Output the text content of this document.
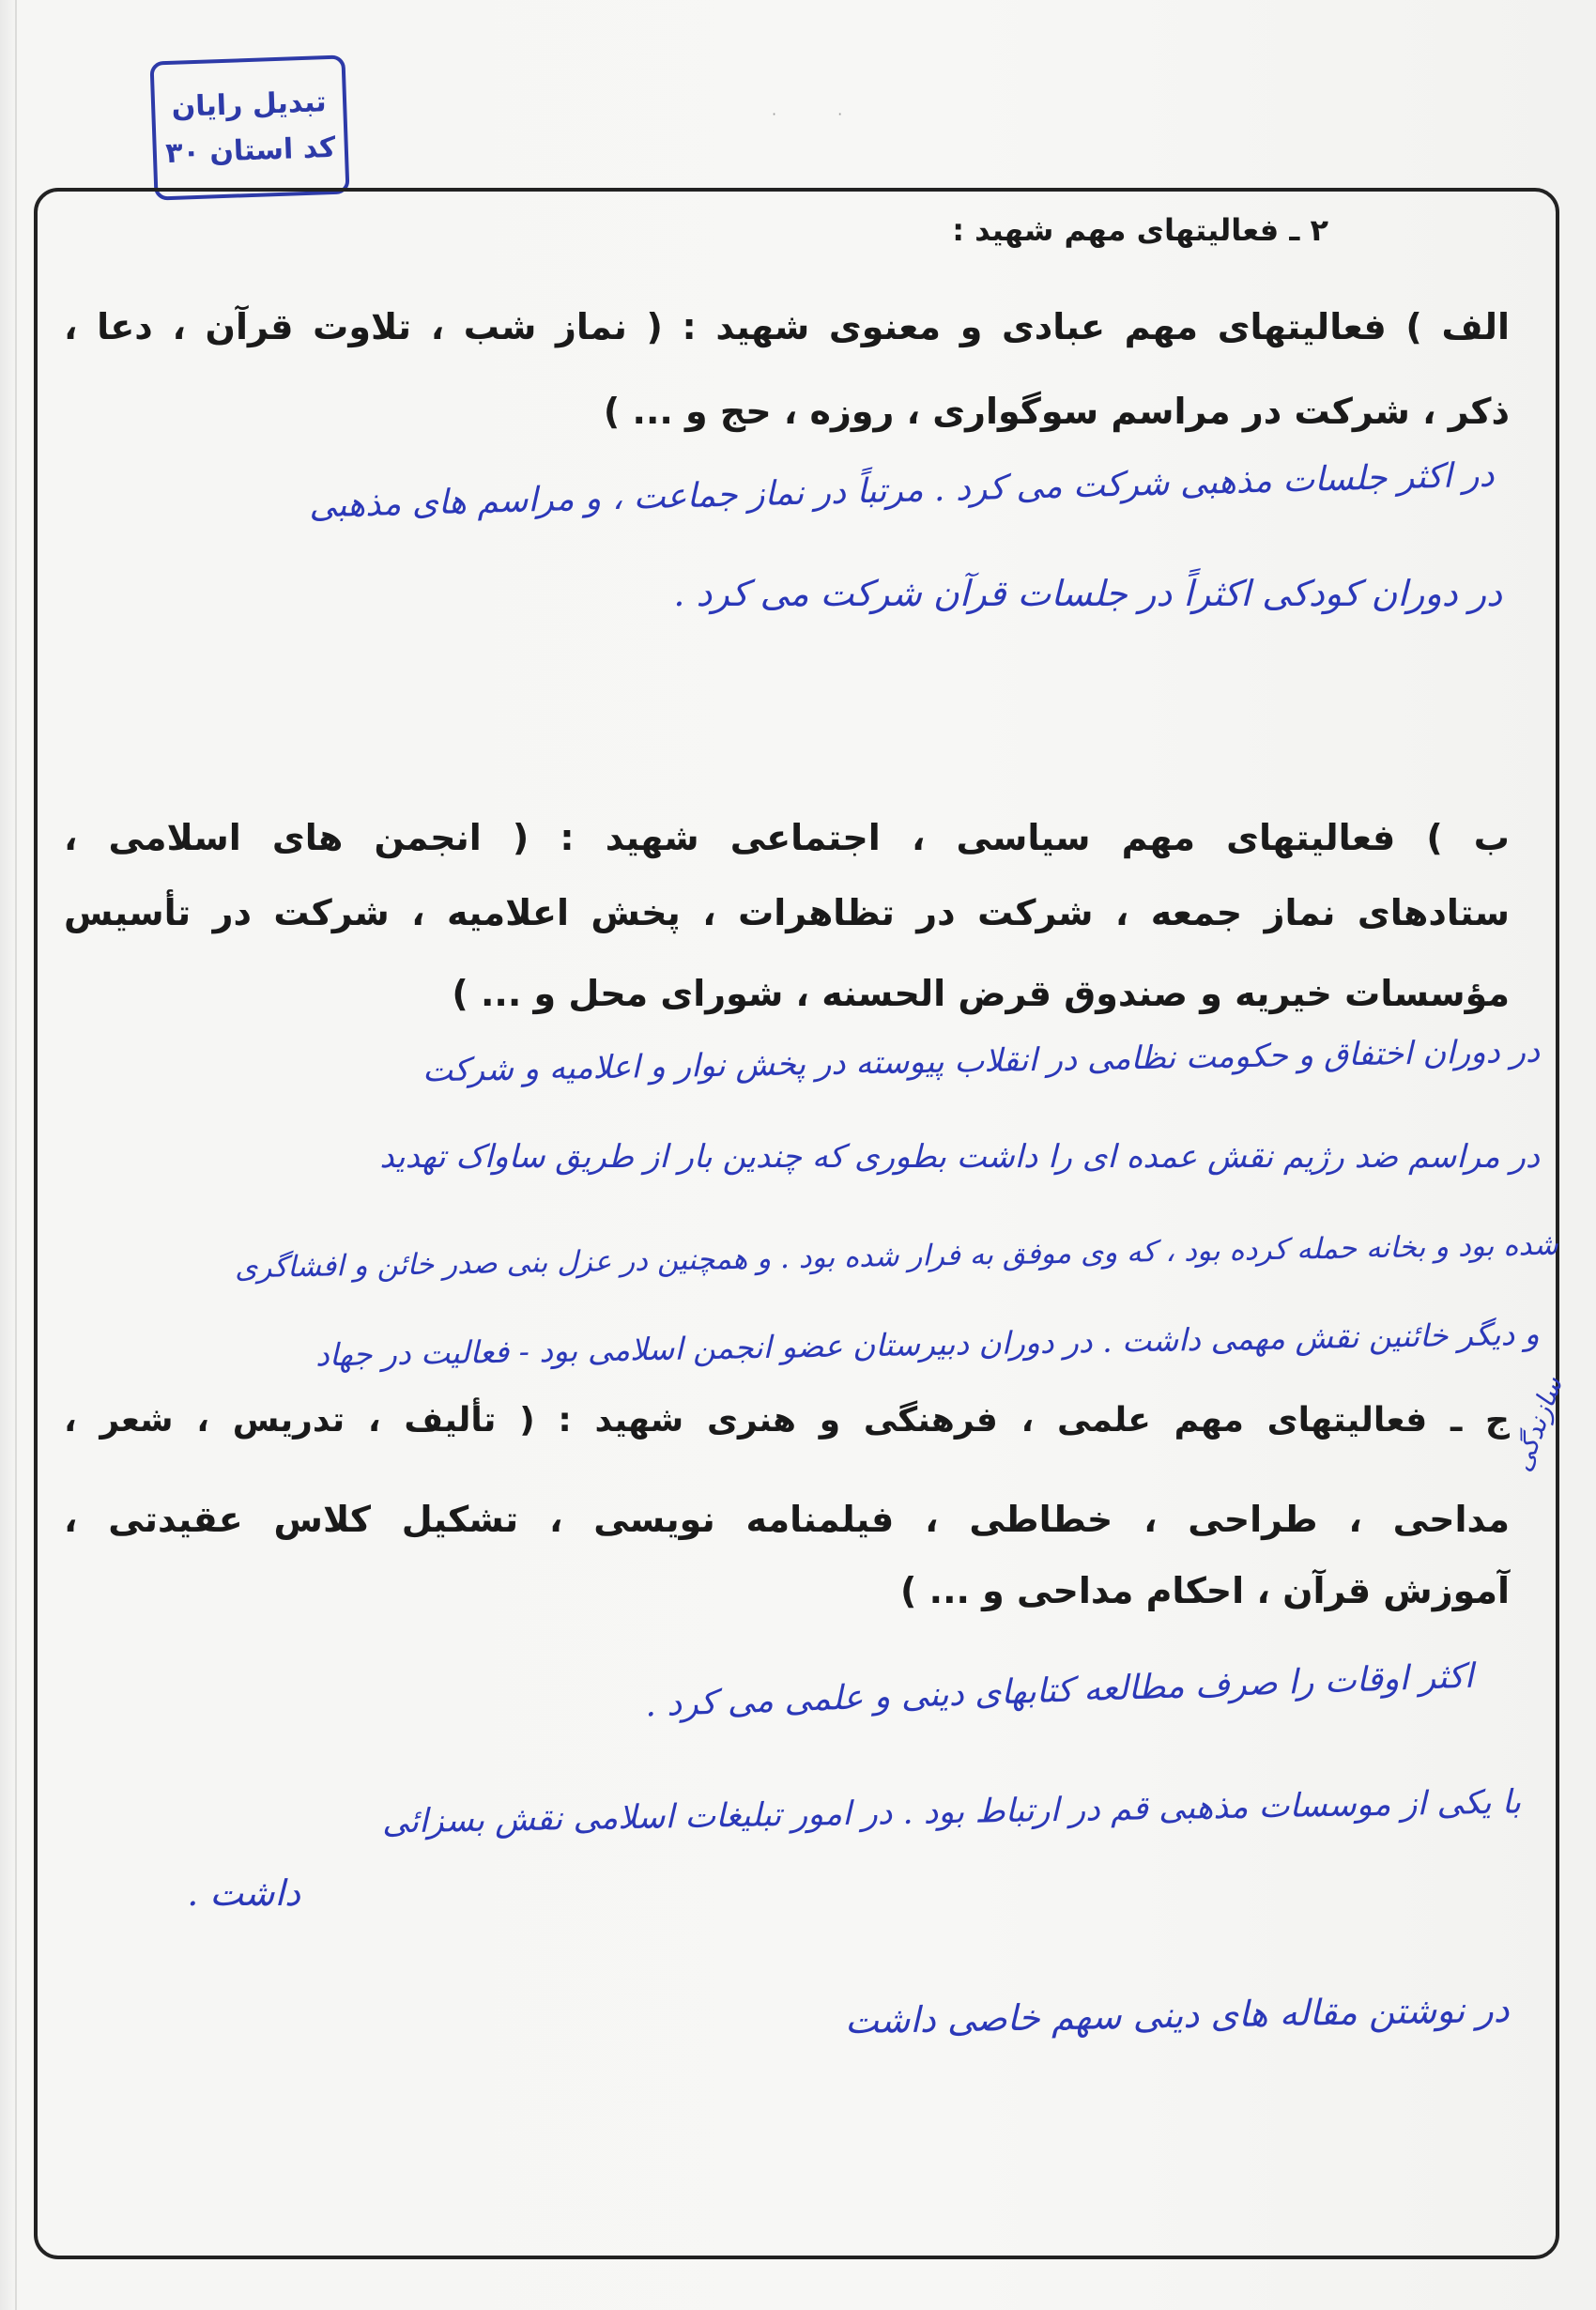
· ·
تبدیل رایان
کد استان ۳۰
۲ ـ فعالیتهای مهم شهید :
الف ) فعالیتهای مهم عبادی و معنوی شهید : ( نماز شب ، تلاوت قرآن ، دعا ،
ذکر ، شرکت در مراسم سوگواری ، روزه ، حج و ... )
در اکثر جلسات مذهبی شرکت می کرد . مرتباً در نماز جماعت ، و مراسم های مذهبی
در دوران کودکی اکثراً در جلسات قرآن شرکت می کرد .
ب ) فعالیتهای مهم سیاسی ، اجتماعی شهید : ( انجمن های اسلامی ،
ستادهای نماز جمعه ، شرکت در تظاهرات ، پخش اعلامیه ، شرکت در تأسیس
مؤسسات خیریه و صندوق قرض الحسنه ، شورای محل و ... )
در دوران اختفاق و حکومت نظامی در انقلاب پیوسته در پخش نوار و اعلامیه و شرکت
در مراسم ضد رژیم نقش عمده ای را داشت بطوری که چندین بار از طریق ساواک تهدید
شده بود و بخانه حمله کرده بود ، که وی موفق به فرار شده بود . و همچنین در عزل بنی صدر خائن و افشاگری
و دیگر خائنین نقش مهمی داشت . در دوران دبیرستان عضو انجمن اسلامی بود - فعالیت در جهاد
سازندگی
ج ـ فعالیتهای مهم علمی ، فرهنگی و هنری شهید : ( تألیف ، تدریس ، شعر ،
مداحی ، طراحی ، خطاطی ، فیلمنامه نویسی ، تشکیل کلاس عقیدتی ،
آموزش قرآن ، احکام مداحی و ... )
اکثر اوقات را صرف مطالعه کتابهای دینی و علمی می کرد .
با یکی از موسسات مذهبی قم در ارتباط بود . در امور تبلیغات اسلامی نقش بسزائی
داشت .
در نوشتن مقاله های دینی سهم خاصی داشت
